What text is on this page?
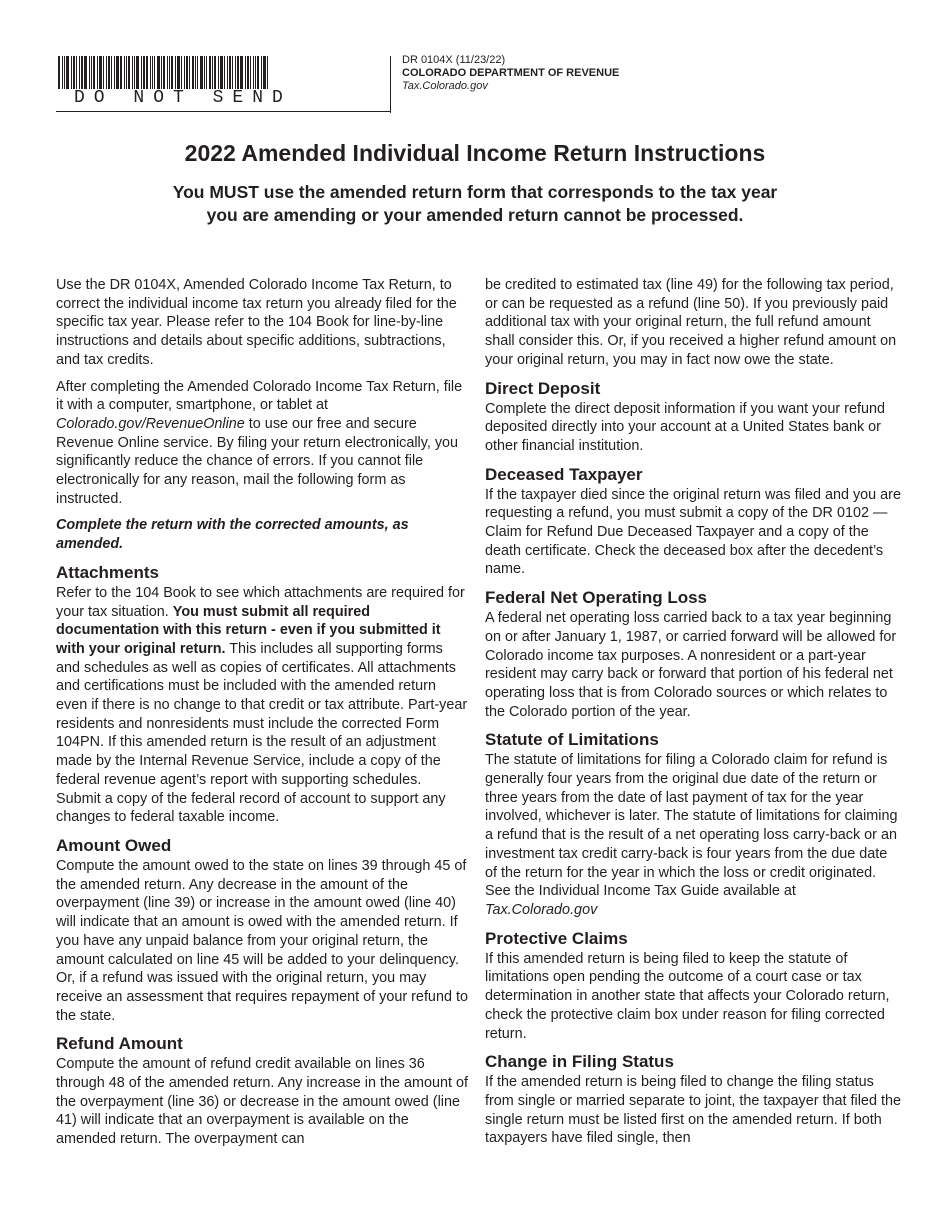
DO NOT SEND
DR 0104X (11/23/22)
COLORADO DEPARTMENT OF REVENUE
Tax.Colorado.gov
2022 Amended Individual Income Return Instructions
You MUST use the amended return form that corresponds to the tax year
you are amending or your amended return cannot be processed.

Use the DR 0104X, Amended Colorado Income Tax Return, to correct the individual income tax return you already filed for the specific tax year. Please refer to the 104 Book for line-by-line instructions and details about specific additions, subtractions, and tax credits.

After completing the Amended Colorado Income Tax Return, file it with a computer, smartphone, or tablet at Colorado.gov/RevenueOnline to use our free and secure Revenue Online service. By filing your return electronically, you significantly reduce the chance of errors. If you cannot file electronically for any reason, mail the following form as instructed.

Complete the return with the corrected amounts, as amended.

Attachments

Refer to the 104 Book to see which attachments are required for your tax situation. You must submit all required documentation with this return - even if you submitted it with your original return. This includes all supporting forms and schedules as well as copies of certificates. All attachments and certifications must be included with the amended return even if there is no change to that credit or tax attribute. Part-year residents and nonresidents must include the corrected Form 104PN. If this amended return is the result of an adjustment made by the Internal Revenue Service, include a copy of the federal revenue agent’s report with supporting schedules. Submit a copy of the federal record of account to support any changes to federal taxable income.

Amount Owed

Compute the amount owed to the state on lines 39 through 45 of the amended return. Any decrease in the amount of the overpayment (line 39) or increase in the amount owed (line 40) will indicate that an amount is owed with the amended return. If you have any unpaid balance from your original return, the amount calculated on line 45 will be added to your delinquency. Or, if a refund was issued with the original return, you may receive an assessment that requires repayment of your refund to the state.

Refund Amount

Compute the amount of refund credit available on lines 36 through 48 of the amended return. Any increase in the amount of the overpayment (line 36) or decrease in the amount owed (line 41) will indicate that an overpayment is available on the amended return. The overpayment can

be credited to estimated tax (line 49) for the following tax period, or can be requested as a refund (line 50). If you previously paid additional tax with your original return, the full refund amount shall consider this. Or, if you received a higher refund amount on your original return, you may in fact now owe the state.

Direct Deposit

Complete the direct deposit information if you want your refund deposited directly into your account at a United States bank or other financial institution.

Deceased Taxpayer

If the taxpayer died since the original return was filed and you are requesting a refund, you must submit a copy of the DR 0102 — Claim for Refund Due Deceased Taxpayer and a copy of the death certificate. Check the deceased box after the decedent’s name.

Federal Net Operating Loss

A federal net operating loss carried back to a tax year beginning on or after January 1, 1987, or carried forward will be allowed for Colorado income tax purposes. A nonresident or a part-year resident may carry back or forward that portion of his federal net operating loss that is from Colorado sources or which relates to the Colorado portion of the year.

Statute of Limitations

The statute of limitations for filing a Colorado claim for refund is generally four years from the original due date of the return or three years from the date of last payment of tax for the year involved, whichever is later. The statute of limitations for claiming a refund that is the result of a net operating loss carry-back or an investment tax credit carry-back is four years from the due date of the return for the year in which the loss or credit originated. See the Individual Income Tax Guide available at Tax.Colorado.gov

Protective Claims

If this amended return is being filed to keep the statute of limitations open pending the outcome of a court case or tax determination in another state that affects your Colorado return, check the protective claim box under reason for filing corrected return.

Change in Filing Status

If the amended return is being filed to change the filing status from single or married separate to joint, the taxpayer that filed the single return must be listed first on the amended return. If both taxpayers have filed single, then
